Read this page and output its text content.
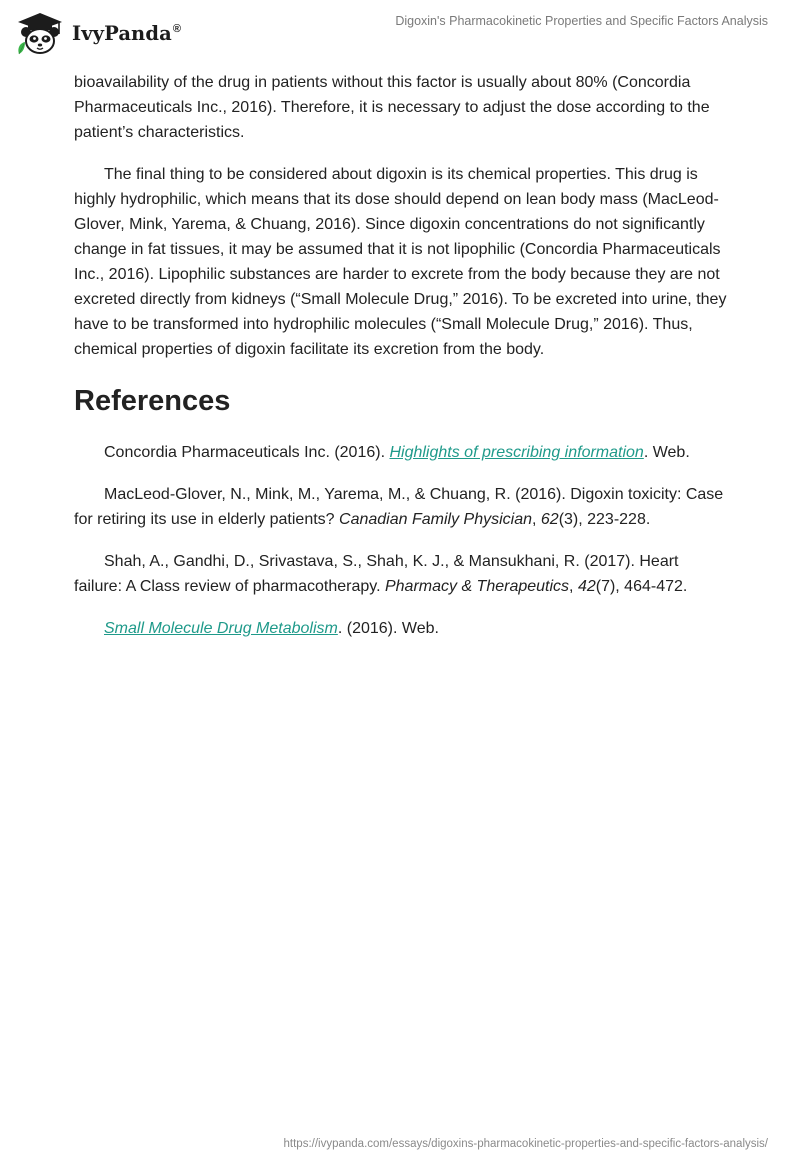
IvyPanda®
Digoxin's Pharmacokinetic Properties and Specific Factors Analysis

bioavailability of the drug in patients without this factor is usually about 80% (Concordia Pharmaceuticals Inc., 2016). Therefore, it is necessary to adjust the dose according to the patient’s characteristics.

The final thing to be considered about digoxin is its chemical properties. This drug is highly hydrophilic, which means that its dose should depend on lean body mass (MacLeod-Glover, Mink, Yarema, & Chuang, 2016). Since digoxin concentrations do not significantly change in fat tissues, it may be assumed that it is not lipophilic (Concordia Pharmaceuticals Inc., 2016). Lipophilic substances are harder to excrete from the body because they are not excreted directly from kidneys (“Small Molecule Drug,” 2016). To be excreted into urine, they have to be transformed into hydrophilic molecules (“Small Molecule Drug,” 2016). Thus, chemical properties of digoxin facilitate its excretion from the body.

References

Concordia Pharmaceuticals Inc. (2016). Highlights of prescribing information. Web.

MacLeod-Glover, N., Mink, M., Yarema, M., & Chuang, R. (2016). Digoxin toxicity: Case for retiring its use in elderly patients? Canadian Family Physician, 62(3), 223-228.

Shah, A., Gandhi, D., Srivastava, S., Shah, K. J., & Mansukhani, R. (2017). Heart failure: A Class review of pharmacotherapy. Pharmacy & Therapeutics, 42(7), 464-472.

Small Molecule Drug Metabolism. (2016). Web.

https://ivypanda.com/essays/digoxins-pharmacokinetic-properties-and-specific-factors-analysis/
